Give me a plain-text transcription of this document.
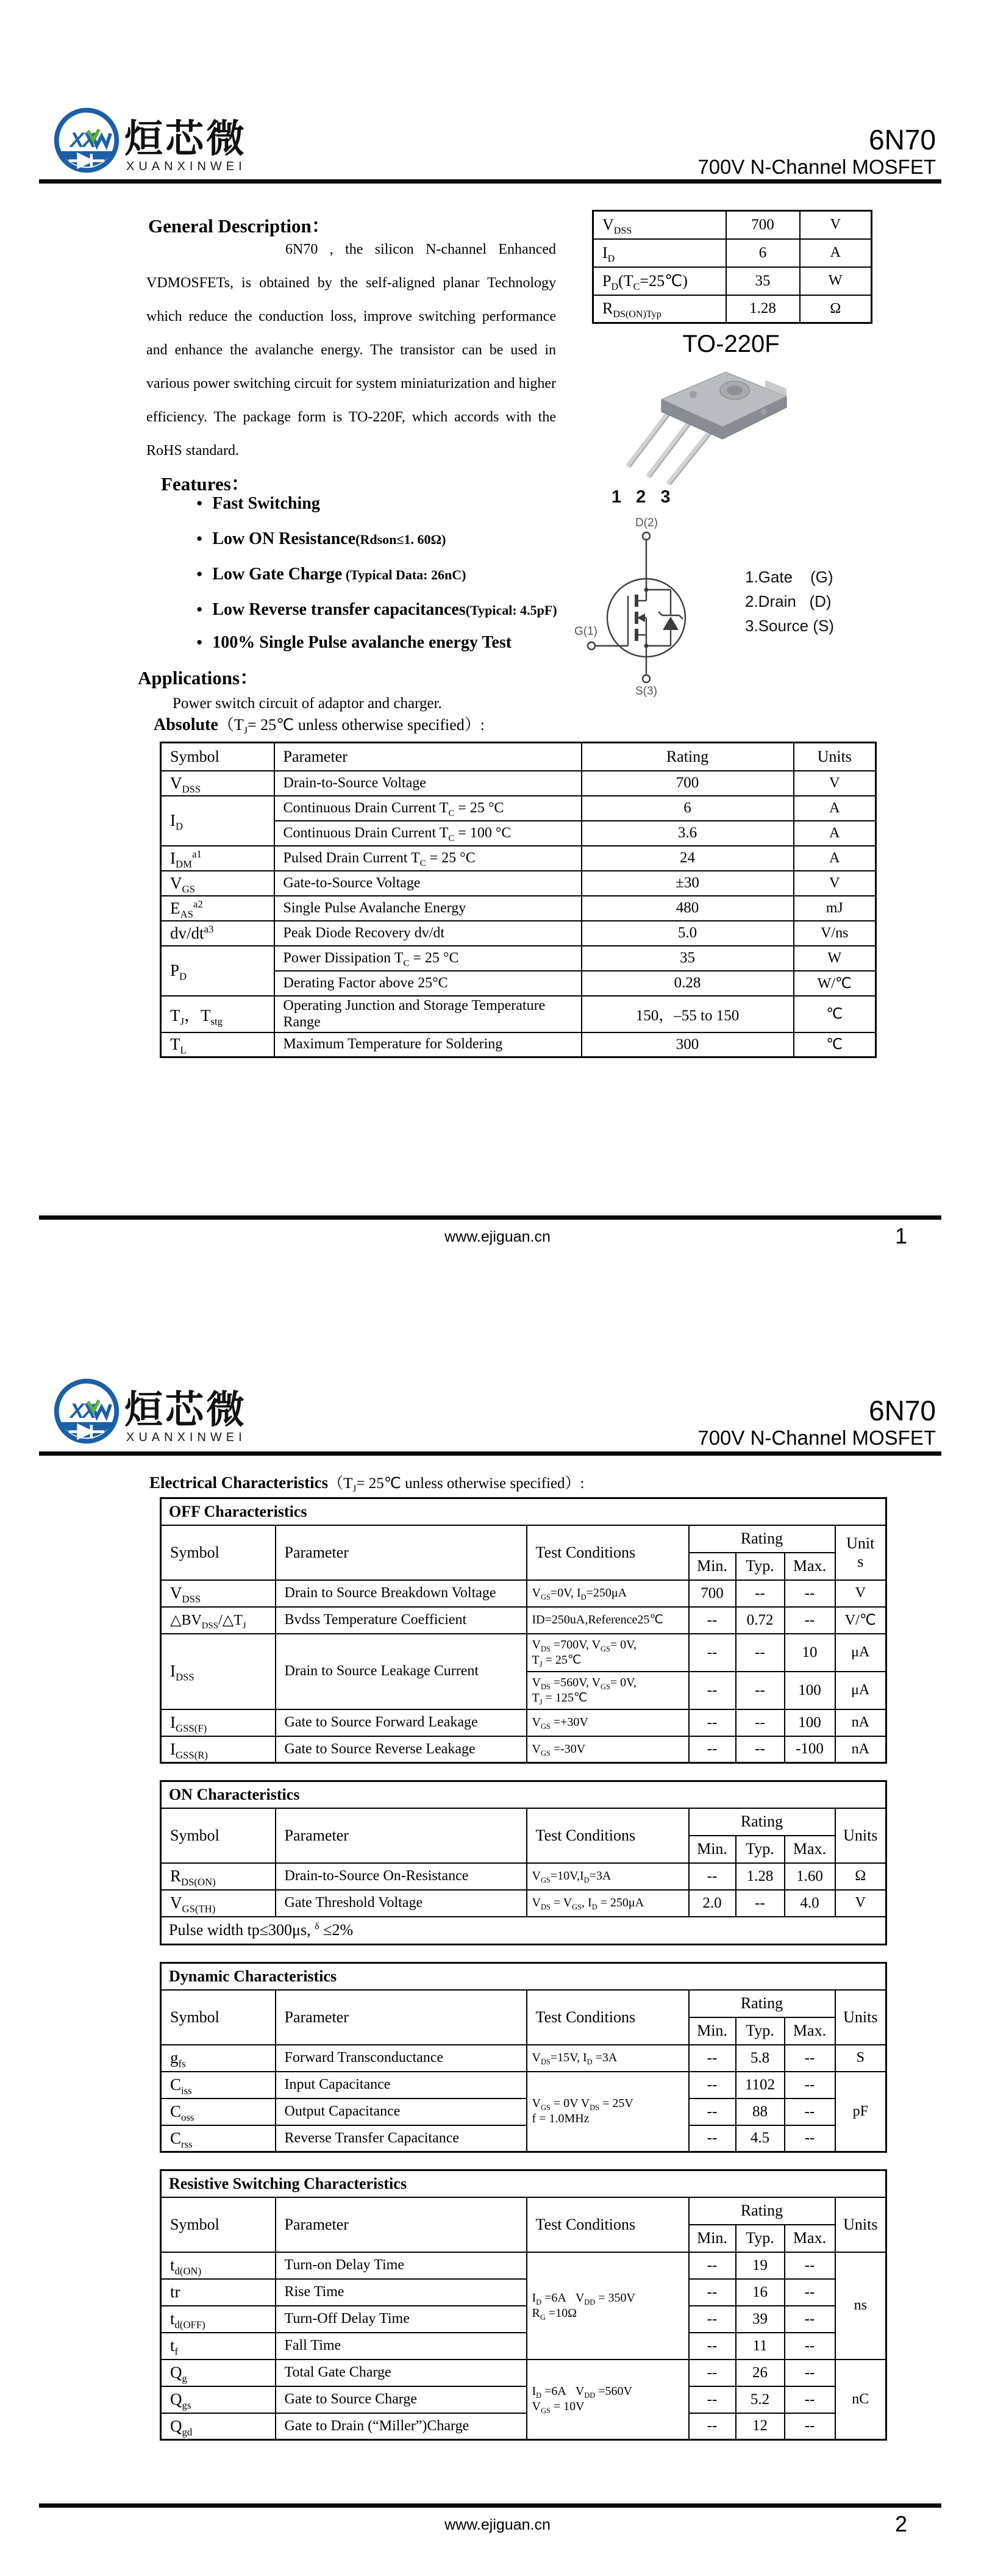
X
X 烜芯微
XUANXINWEI
6N70
700V N-Channel MOSFET
General Description：
6N70 , the silicon N-channel Enhanced VDMOSFETs, is obtained by the self-aligned planar Technology which reduce the conduction loss, improve switching performance and enhance the avalanche energy. The transistor can be used in various power switching circuit for system miniaturization and higher efficiency. The package form is TO-220F, which accords with the RoHS standard.
$V_{DSS}$	700	V
$I_D$	6	A
$P_D(T_C=25℃)$	35	W
$R_{DS(ON)Typ}$	1.28	Ω
TO-220F
1 2 3
D(2)
G(1)
S(3)
1.Gate    (G)
2.Drain   (D)
3.Source (S)
Features：
● Fast Switching
● Low ON Resistance(Rdson≤1. 60Ω)
● Low Gate Charge (Typical Data: 26nC)
● Low Reverse transfer capacitances(Typical: 4.5pF)
● 100% Single Pulse avalanche energy Test
Applications：
Power switch circuit of adaptor and charger.
$Absolute(T_J=$ 25℃ unless otherwise specified）:
Symbol	Parameter	Rating	Units
$V_{DSS}$	Drain-to-Source Voltage	700	V
$I_D$	Continuous Drain Current $T_C = 25$ °C	6	A
	Continuous Drain Current $T_C = 100$ °C	3.6	A
$I_{DM}^{a1}$	Pulsed Drain Current $T_C = 25$ °C	24	A
$V_{GS}$	Gate-to-Source Voltage	±30	V
$E_{AS}^{a2}$	Single Pulse Avalanche Energy	480	mJ
$dv/dt^{a3}$	Peak Diode Recovery dv/dt	5.0	V/ns
$P_D$	Power Dissipation $T_C = 25$ °C	35	W
	Derating Factor above 25°C	0.28	W/℃
$T_J$，$T_{stg}$	Operating Junction and Storage Temperature Range	150，–55 to 150	℃
$T_L$	Maximum Temperature for Soldering	300	℃
www.ejiguan.cn	1
X
X 烜芯微
XUANXINWEI
6N70
700V N-Channel MOSFET
Electrical $Characteristics(T_J=$ 25℃ unless otherwise specified）:
OFF Characteristics						
Symbol	Parameter	Test Conditions	Rating			Units
			Min.	Typ.	Max.	
$V_{DSS}$	Drain to Source Breakdown Voltage	$V_{GS}=0V$, $I_D=250\mu A$	700	--	--	V
$\triangle BV_{DSS}/\triangle T_J$	Bvdss Temperature Coefficient	ID=250uA,Reference25℃	--	0.72	--	V/℃
$I_{DSS}$	Drain to Source Leakage Current	$V_{DS} =700V$, $V_{GS}= 0V$,
$T_J$ = 25℃	--	--	10	μA
		$V_{DS} =560V$, $V_{GS}= 0V$,
$T_J$ = 125℃	--	--	100	μA
$I_{GSS(F)}$	Gate to Source Forward Leakage	$V_{GS} =+30V$	--	--	100	nA
$I_{GSS(R)}$	Gate to Source Reverse Leakage	$V_{GS} =-30V$	--	--	-100	nA
ON Characteristics						
Symbol	Parameter	Test Conditions	Rating			Units
			Min.	Typ.	Max.	
$R_{DS(ON)}$	Drain-to-Source On-Resistance	$V_{GS}=10V,I_D=3A$	--	1.28	1.60	Ω
$V_{GS(TH)}$	Gate Threshold Voltage	$V_{DS} = V_{GS}$, $I_D = 250\mu A$	2.0	--	4.0	V
Pulse width tp≤300μs, $^\delta$ ≤2%						
Dynamic Characteristics						
Symbol	Parameter	Test Conditions	Rating			Units
			Min.	Typ.	Max.	
$g_{fs}$	Forward Transconductance	$V_{DS}=15V$, $I_D =3A$	--	5.8	--	S
$C_{iss}$	Input Capacitance	$V_{GS} = 0V$ $V_{DS} = 25V$
f = 1.0MHz	--	1102	--	pF
$C_{oss}$	Output Capacitance		--	88	--	
$C_{rss}$	Reverse Transfer Capacitance		--	4.5	--	
Resistive Switching Characteristics						
Symbol	Parameter	Test Conditions	Rating			Units
			Min.	Typ.	Max.	
$t_{d(ON)}$	Turn-on Delay Time	$I_D =6A$   $V_{DD} = 350V$
$R_G =10\Omega$	--	19	--	ns
tr	Rise Time		--	16	--	
$t_{d(OFF)}$	Turn-Off Delay Time		--	39	--	
$t_f$	Fall Time		--	11	--	
$Q_g$	Total Gate Charge	$I_D =6A$   $V_{DD} =560V$
$V_{GS} = 10V$	--	26	--	nC
$Q_{gs}$	Gate to Source Charge		--	5.2	--	
$Q_{gd}$	Gate to Drain (“Miller”)Charge		--	12	--	
www.ejiguan.cn	2
